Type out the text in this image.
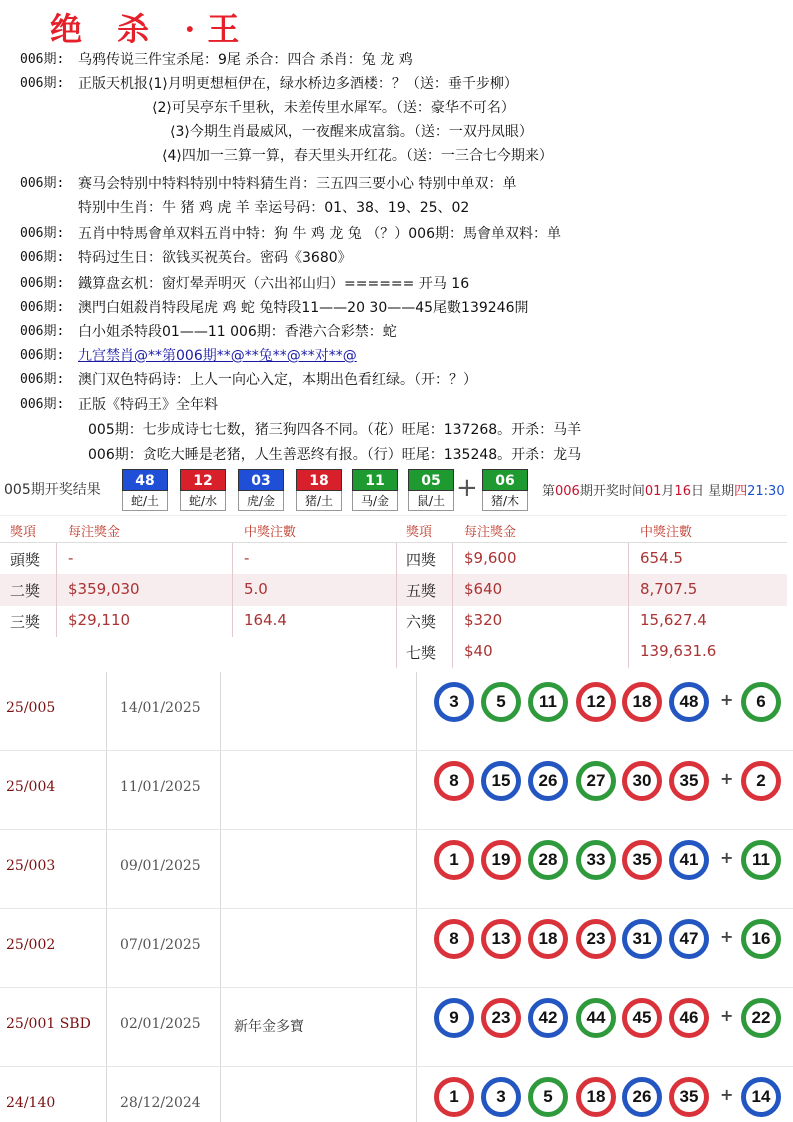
绝 杀 ·王
006期: 乌鸦传说三件宝杀尾：9尾 杀合：四合 杀肖：兔 龙 鸡
006期: 正版天机报⟨1⟩月明更想桓伊在，绿水桥边多酒楼：？（送：垂千步柳）
⟨2⟩可吴亭东千里秋，未差传里水犀军。（送：豪华不可名）
⟨3⟩今期生肖最威风，一夜醒来成富翁。（送：一双丹凤眼）
⟨4⟩四加一三算一算，春天里头开红花。（送：一三合七今期来）
006期: 赛马会特别中特料特别中特料猜生肖：三五四三要小心 特别中单双：单
特别中生肖：牛 猪 鸡 虎 羊 幸运号码：01、38、19、25、02
006期: 五肖中特馬會单双料五肖中特：狗 牛 鸡 龙 兔 （？）006期：馬會单双料：单
006期: 特码过生日：欲钱买祝英台。密码《3680》
006期: 鐵算盘玄机：窗灯晕弄明灭（六出祁山归）====== 开马 16
006期: 澳門白姐殺肖特段尾虎 鸡 蛇 兔特段11——20 30——45尾數139246開
006期: 白小姐杀特段01——11 006期：香港六合彩禁：蛇
006期: 九宫禁肖@**第006期**@**兔**@**对**@
006期: 澳门双色特码诗：上人一向心入定，本期出色看红绿。（开：？）
006期: 正版《特码王》全年料
005期：七步成诗七七数，猪三狗四各不同。（花）旺尾：137268。开杀：马羊
006期：贪吃大睡是老猪，人生善恶终有报。（行）旺尾：135248。开杀：龙马
005期开奖结果	+	第006期开奖时间01月16日 星期四21:30
48
蛇/土
12
蛇/水
03
虎/金
18
猪/土
11
马/金
05
鼠/土
06
猪/木
獎項 每注獎金	中獎注數	獎項 每注獎金	中獎注數
頭獎 -	-	四獎 $9,600	654.5
二獎 $359,030	5.0	五獎 $640	8,707.5
三獎 $29,110	164.4	六獎 $320	15,627.4
七獎 $40	139,631.6
25/005	14/01/2025	3	5	11	12	18	48	+	6
25/004	11/01/2025	8	15	26	27	30	35	+	2
25/003	09/01/2025	1	19	28	33	35	41	+	11
25/002	07/01/2025	8	13	18	23	31	47	+	16
25/001 SBD 02/01/2025 新年金多寶	9	23	42	44	45	46	+	22
24/140	28/12/2024	1	3	5	18	26	35	+	14
